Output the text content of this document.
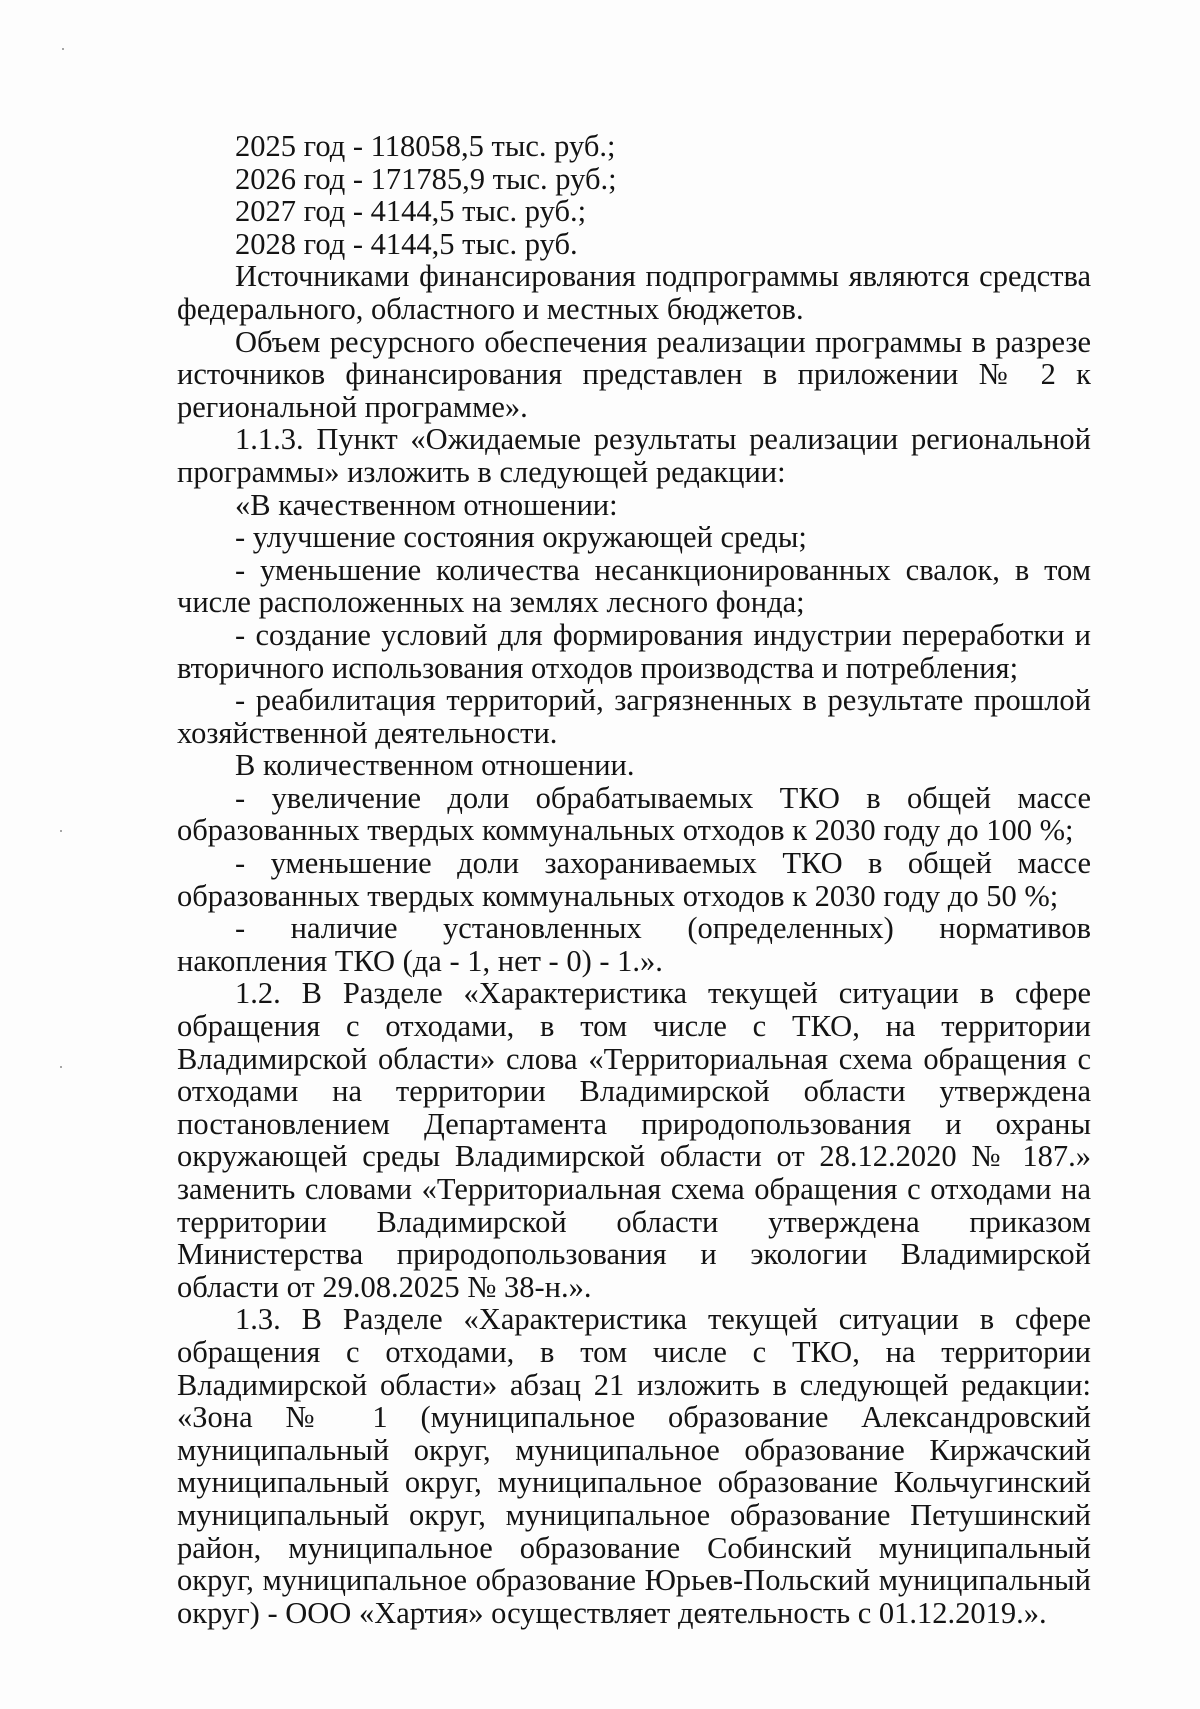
2025 год - 118058,5 тыс. руб.;

2026 год - 171785,9 тыс. руб.;

2027 год - 4144,5 тыс. руб.;

2028 год - 4144,5 тыс. руб.

Источниками финансирования подпрограммы являются средства федерального, областного и местных бюджетов.

Объем ресурсного обеспечения реализации программы в разрезе источников финансирования представлен в приложении № 2 к региональной программе».

1.1.3. Пункт «Ожидаемые результаты реализации региональной программы» изложить в следующей редакции:

«В качественном отношении:

- улучшение состояния окружающей среды;

- уменьшение количества несанкционированных свалок, в том числе расположенных на землях лесного фонда;

- создание условий для формирования индустрии переработки и вторичного использования отходов производства и потребления;

- реабилитация территорий, загрязненных в результате прошлой хозяйственной деятельности.

В количественном отношении.

- увеличение доли обрабатываемых ТКО в общей массе образованных твердых коммунальных отходов к 2030 году до 100 %;

- уменьшение доли захораниваемых ТКО в общей массе образованных твердых коммунальных отходов к 2030 году до 50 %;

- наличие установленных (определенных) нормативов накопления ТКО (да - 1, нет - 0) - 1.».

1.2. В Разделе «Характеристика текущей ситуации в сфере обращения с отходами, в том числе с ТКО, на территории Владимирской области» слова «Территориальная схема обращения с отходами на территории Владимирской области утверждена постановлением Департамента природопользования и охраны окружающей среды Владимирской области от 28.12.2020 № 187.» заменить словами «Территориальная схема обращения с отходами на территории Владимирской области утверждена приказом Министерства природопользования и экологии Владимирской области от 29.08.2025 № 38-н.».

1.3. В Разделе «Характеристика текущей ситуации в сфере обращения с отходами, в том числе с ТКО, на территории Владимирской области» абзац 21 изложить в следующей редакции: «Зона № 1 (муниципальное образование Александровский муниципальный округ, муниципальное образование Киржачский муниципальный округ, муниципальное образование Кольчугинский муниципальный округ, муниципальное образование Петушинский район, муниципальное образование Собинский муниципальный округ, муниципальное образование Юрьев-Польский муниципальный округ) - ООО «Хартия» осуществляет деятельность с 01.12.2019.».
